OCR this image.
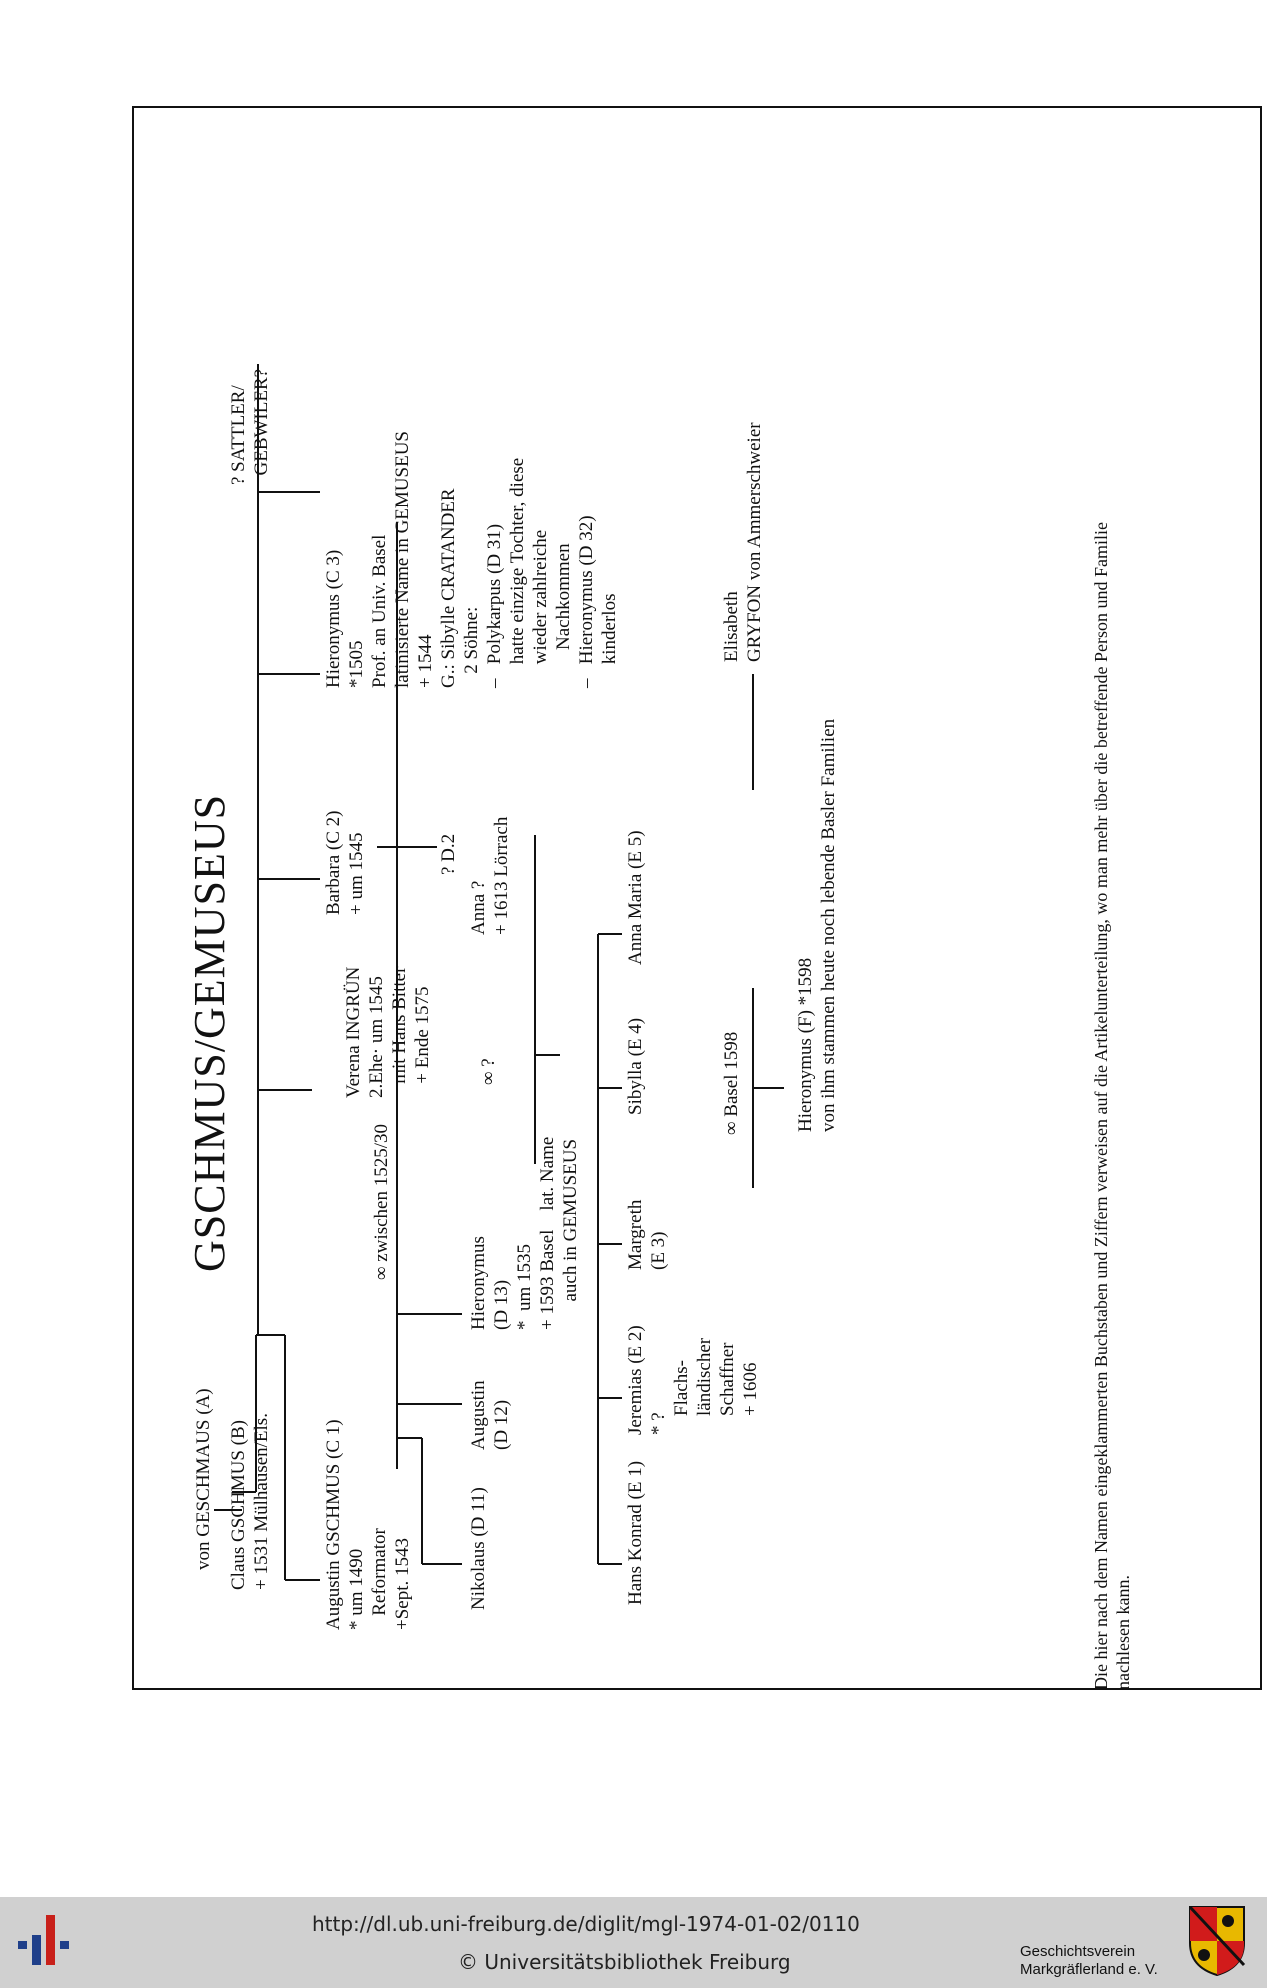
GSCHMUS/GEMUSEUS
von GESCHMAUS (A) Claus GSCHMUS (B)
+ 1531 Mülhausen/Els.
? SATTLER/
GEBWILER?
Augustin GSCHMUS (C 1)
* um 1490
Reformator
+Sept. 1543
∞ zwischen 1525/30
Verena INGRÜN
2.Ehe· um 1545
mit Hans Bitter
+ Ende 1575
Barbara (C 2)
+ um 1545	? D.2
Hieronymus (C 3)
*1505
Prof. an Univ. Basel
latinisierte Name in GEMUSEUS
+ 1544
G.: Sibylle CRATANDER
2 Söhne:
–   Polykarpus (D 31)
hatte einzige Tochter, diese
wieder zahlreiche
Nachkommen
–   Hieronymus (D 32)
kinderlos
Nikolaus (D 11)
Augustin
(D 12)
Hieronymus
(D 13)
*  um 1535
+ 1593 Basel    lat. Name
auch in GEMUSEUS
∞ ?
Anna ?
+ 1613 Lörrach
Hans Konrad (E 1)
Jeremias (E 2)
* ?
Flachs-
ländischer
Schaffner
+ 1606
Margreth
(E 3)
Sibylla (E 4)
Anna Maria (E 5)
∞ Basel 1598
Elisabeth
GRYFON von Ammerschweier
Hieronymus (F) *1598
von ihm stammen heute noch lebende Basler Familien
Die hier nach dem Namen eingeklammerten Buchstaben und Ziffern verweisen auf die Artikelunterteilung, wo man mehr über die betreffende Person und Familie
nachlesen kann.
http://dl.ub.uni-freiburg.de/diglit/mgl-1974-01-02/0110
© Universitätsbibliothek Freiburg	Geschichtsverein
Markgräflerland e. V.
